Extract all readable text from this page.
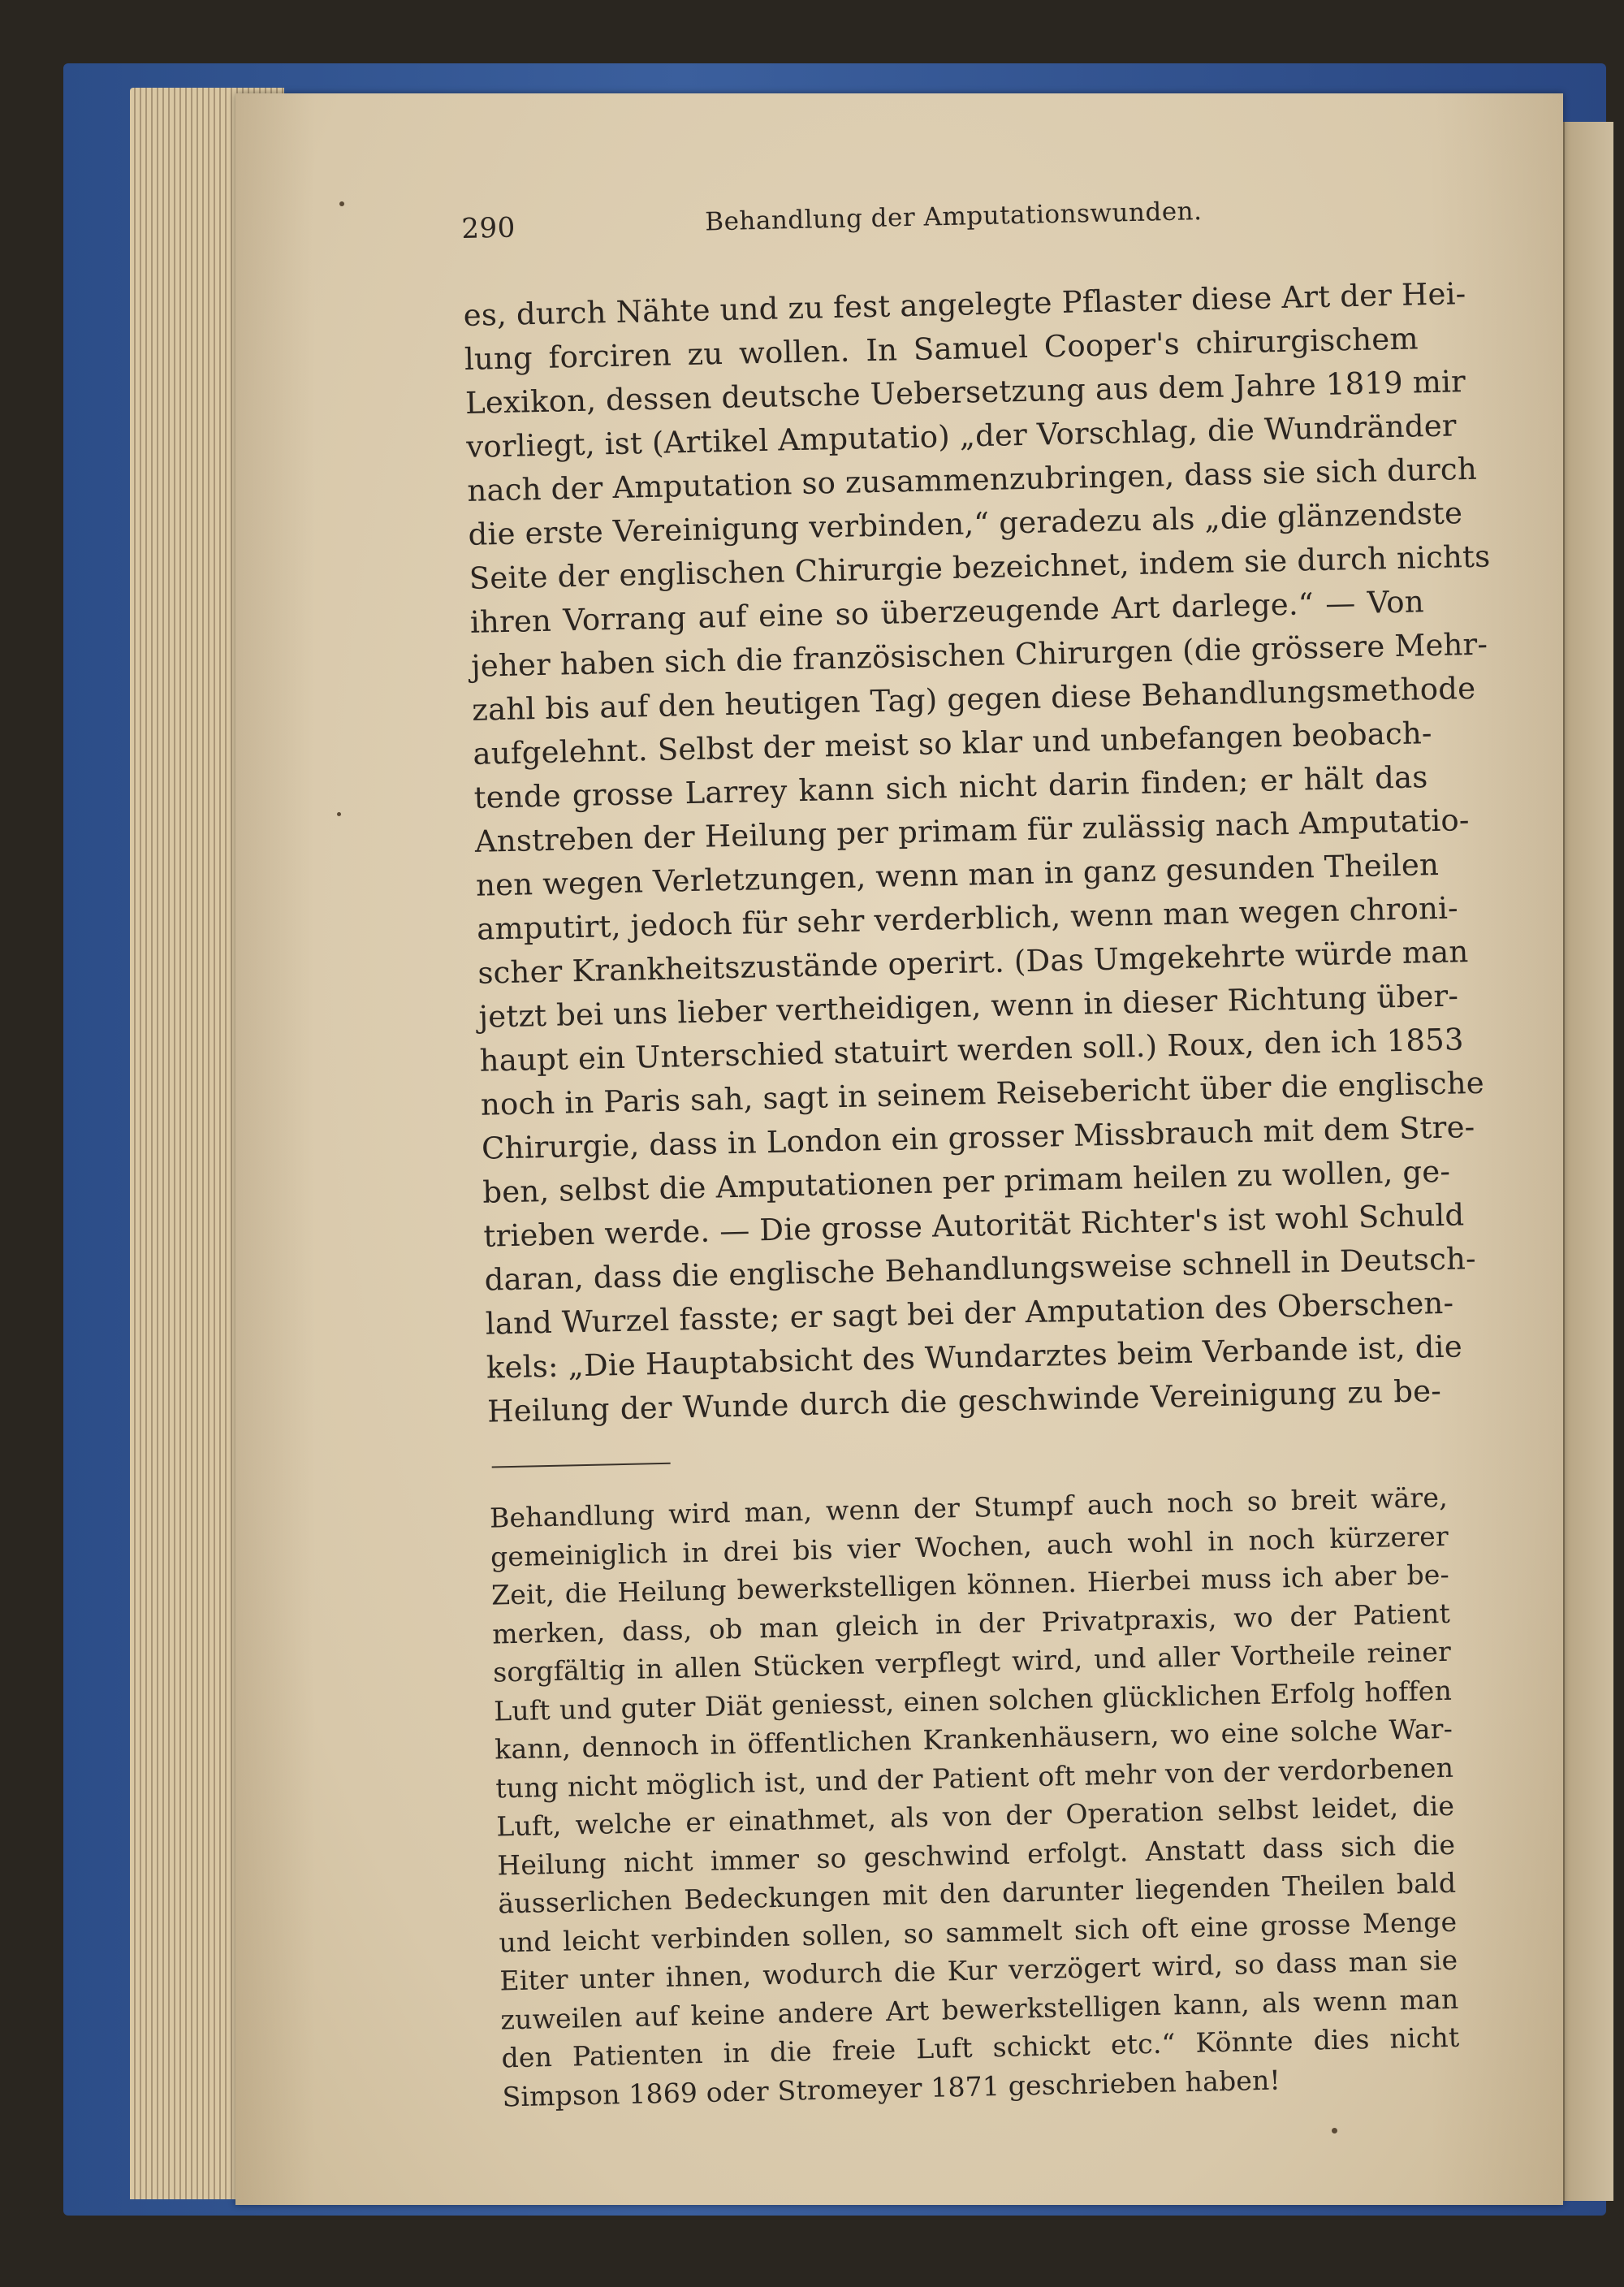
290	Behandlung der Amputationswunden.
es, durch Nähte und zu fest angelegte Pflaster diese Art der Hei-
lung forciren zu wollen. In Samuel Cooper's chirurgischem
Lexikon, dessen deutsche Uebersetzung aus dem Jahre 1819 mir
vorliegt, ist (Artikel Amputatio) „der Vorschlag, die Wundränder
nach der Amputation so zusammenzubringen, dass sie sich durch
die erste Vereinigung verbinden,“ geradezu als „die glänzendste
Seite der englischen Chirurgie bezeichnet, indem sie durch nichts
ihren Vorrang auf eine so überzeugende Art darlege.“ — Von
jeher haben sich die französischen Chirurgen (die grössere Mehr-
zahl bis auf den heutigen Tag) gegen diese Behandlungsmethode
aufgelehnt. Selbst der meist so klar und unbefangen beobach-
tende grosse Larrey kann sich nicht darin finden; er hält das
Anstreben der Heilung per primam für zulässig nach Amputatio-
nen wegen Verletzungen, wenn man in ganz gesunden Theilen
amputirt, jedoch für sehr verderblich, wenn man wegen chroni-
scher Krankheitszustände operirt. (Das Umgekehrte würde man
jetzt bei uns lieber vertheidigen, wenn in dieser Richtung über-
haupt ein Unterschied statuirt werden soll.) Roux, den ich 1853
noch in Paris sah, sagt in seinem Reisebericht über die englische
Chirurgie, dass in London ein grosser Missbrauch mit dem Stre-
ben, selbst die Amputationen per primam heilen zu wollen, ge-
trieben werde. — Die grosse Autorität Richter's ist wohl Schuld
daran, dass die englische Behandlungsweise schnell in Deutsch-
land Wurzel fasste; er sagt bei der Amputation des Oberschen-
kels: „Die Hauptabsicht des Wundarztes beim Verbande ist, die
Heilung der Wunde durch die geschwinde Vereinigung zu be-
Behandlung wird man, wenn der Stumpf auch noch so breit wäre,
gemeiniglich in drei bis vier Wochen, auch wohl in noch kürzerer
Zeit, die Heilung bewerkstelligen können. Hierbei muss ich aber be-
merken, dass, ob man gleich in der Privatpraxis, wo der Patient
sorgfältig in allen Stücken verpflegt wird, und aller Vortheile reiner
Luft und guter Diät geniesst, einen solchen glücklichen Erfolg hoffen
kann, dennoch in öffentlichen Krankenhäusern, wo eine solche War-
tung nicht möglich ist, und der Patient oft mehr von der verdorbenen
Luft, welche er einathmet, als von der Operation selbst leidet, die
Heilung nicht immer so geschwind erfolgt. Anstatt dass sich die
äusserlichen Bedeckungen mit den darunter liegenden Theilen bald
und leicht verbinden sollen, so sammelt sich oft eine grosse Menge
Eiter unter ihnen, wodurch die Kur verzögert wird, so dass man sie
zuweilen auf keine andere Art bewerkstelligen kann, als wenn man
den Patienten in die freie Luft schickt etc.“ Könnte dies nicht
Simpson 1869 oder Stromeyer 1871 geschrieben haben!
